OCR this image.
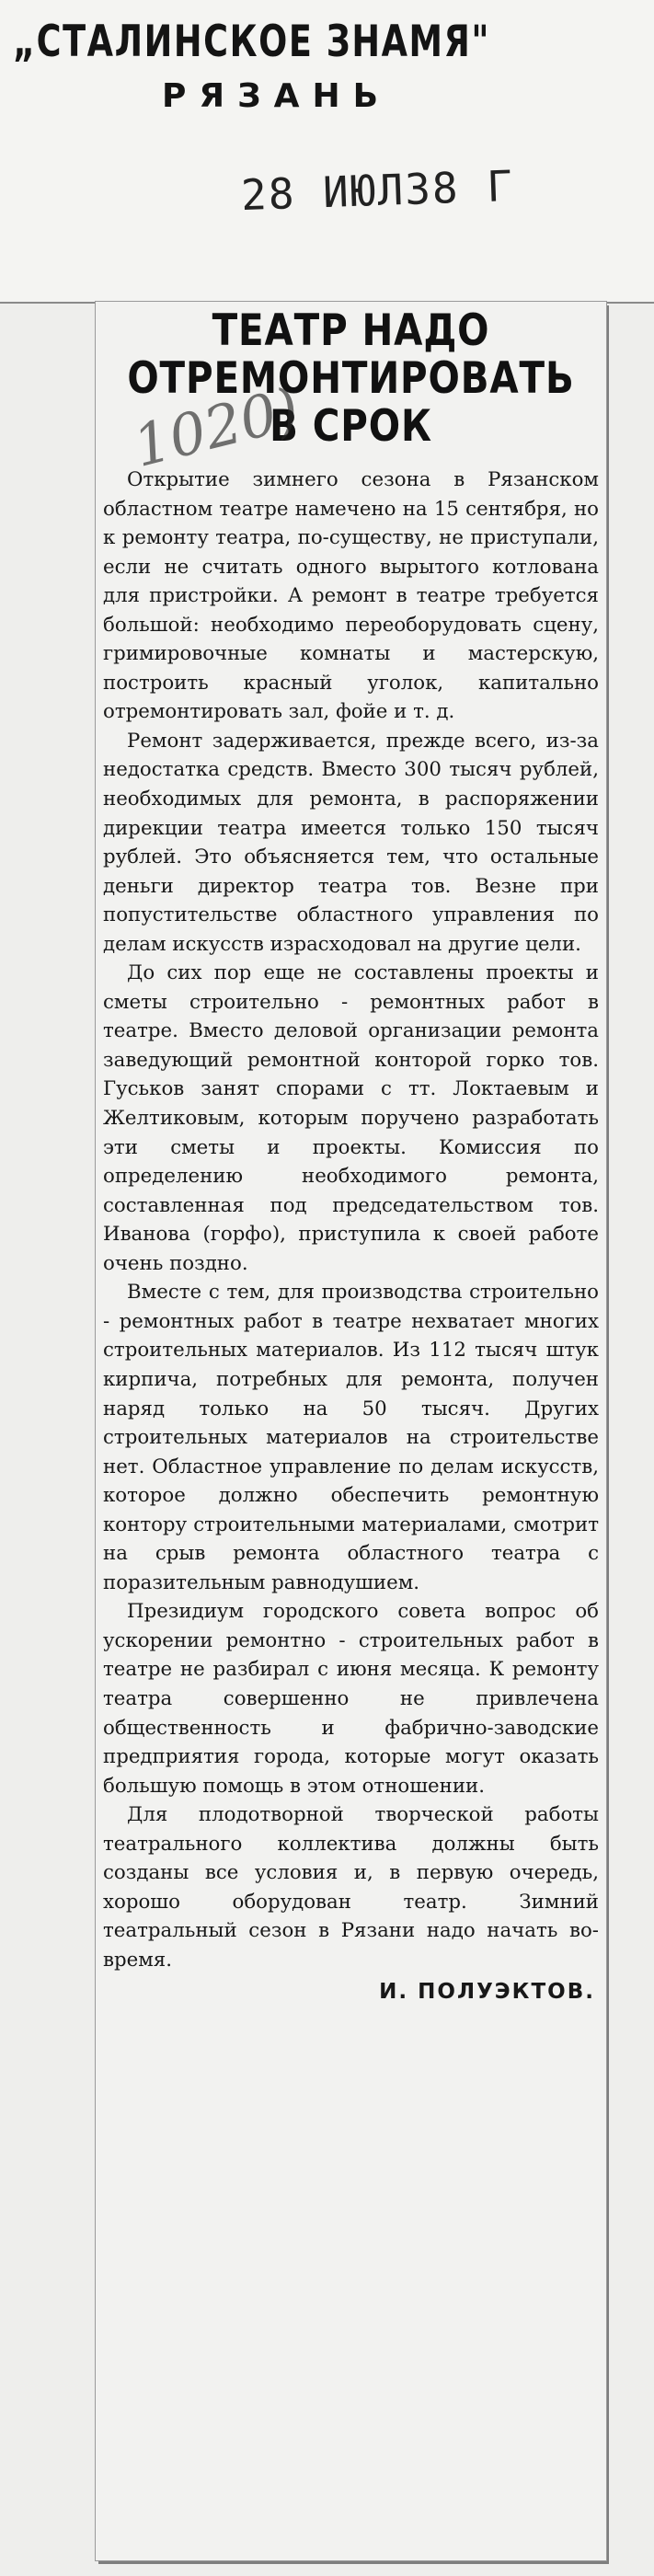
„СТАЛИНСКОЕ ЗНАМЯ"
РЯЗАНЬ
28 ИЮЛ38 Г
ТЕАТР НАДО
ОТРЕМОНТИРОВАТЬ
В СРОК
1020)

Открытие зимнего сезона в Рязанском областном театре намечено на 15 сентября, но к ремонту театра, по-существу, не приступали, если не считать одного вырытого котлована для пристройки. А ремонт в театре требуется большой: необходимо переоборудовать сцену, гримировочные комнаты и мастерскую, построить красный уголок, капитально отремонтировать зал, фойе и т. д.

Ремонт задерживается, прежде всего, из-за недостатка средств. Вместо 300 тысяч рублей, необходимых для ремонта, в распоряжении дирекции театра имеется только 150 тысяч рублей. Это объясняется тем, что остальные деньги директор театра тов. Везне при попустительстве областного управления по делам искусств израсходовал на другие цели.

До сих пор еще не составлены проекты и сметы строительно - ремонтных работ в театре. Вместо деловой организации ремонта заведующий ремонтной конторой горко тов. Гуськов занят спорами с тт. Локтаевым и Желтиковым, которым поручено разработать эти сметы и проекты. Комиссия по определению необходимого ремонта, составленная под председательством тов. Иванова (горфо), приступила к своей работе очень поздно.

Вместе с тем, для производства строительно - ремонтных работ в театре нехватает многих строительных материалов. Из 112 тысяч штук кирпича, потребных для ремонта, получен наряд только на 50 тысяч. Других строительных материалов на строительстве нет. Областное управление по делам искусств, которое должно обеспечить ремонтную контору строительными материалами, смотрит на срыв ремонта областного театра с поразительным равнодушием.

Президиум городского совета вопрос об ускорении ремонтно - строительных работ в театре не разбирал с июня месяца. К ремонту театра совершенно не привлечена общественность и фабрично-заводские предприятия города, которые могут оказать большую помощь в этом отношении.

Для плодотворной творческой работы театрального коллектива должны быть созданы все условия и, в первую очередь, хорошо оборудован театр. Зимний театральный сезон в Рязани надо начать во-время.

И. ПОЛУЭКТОВ.
